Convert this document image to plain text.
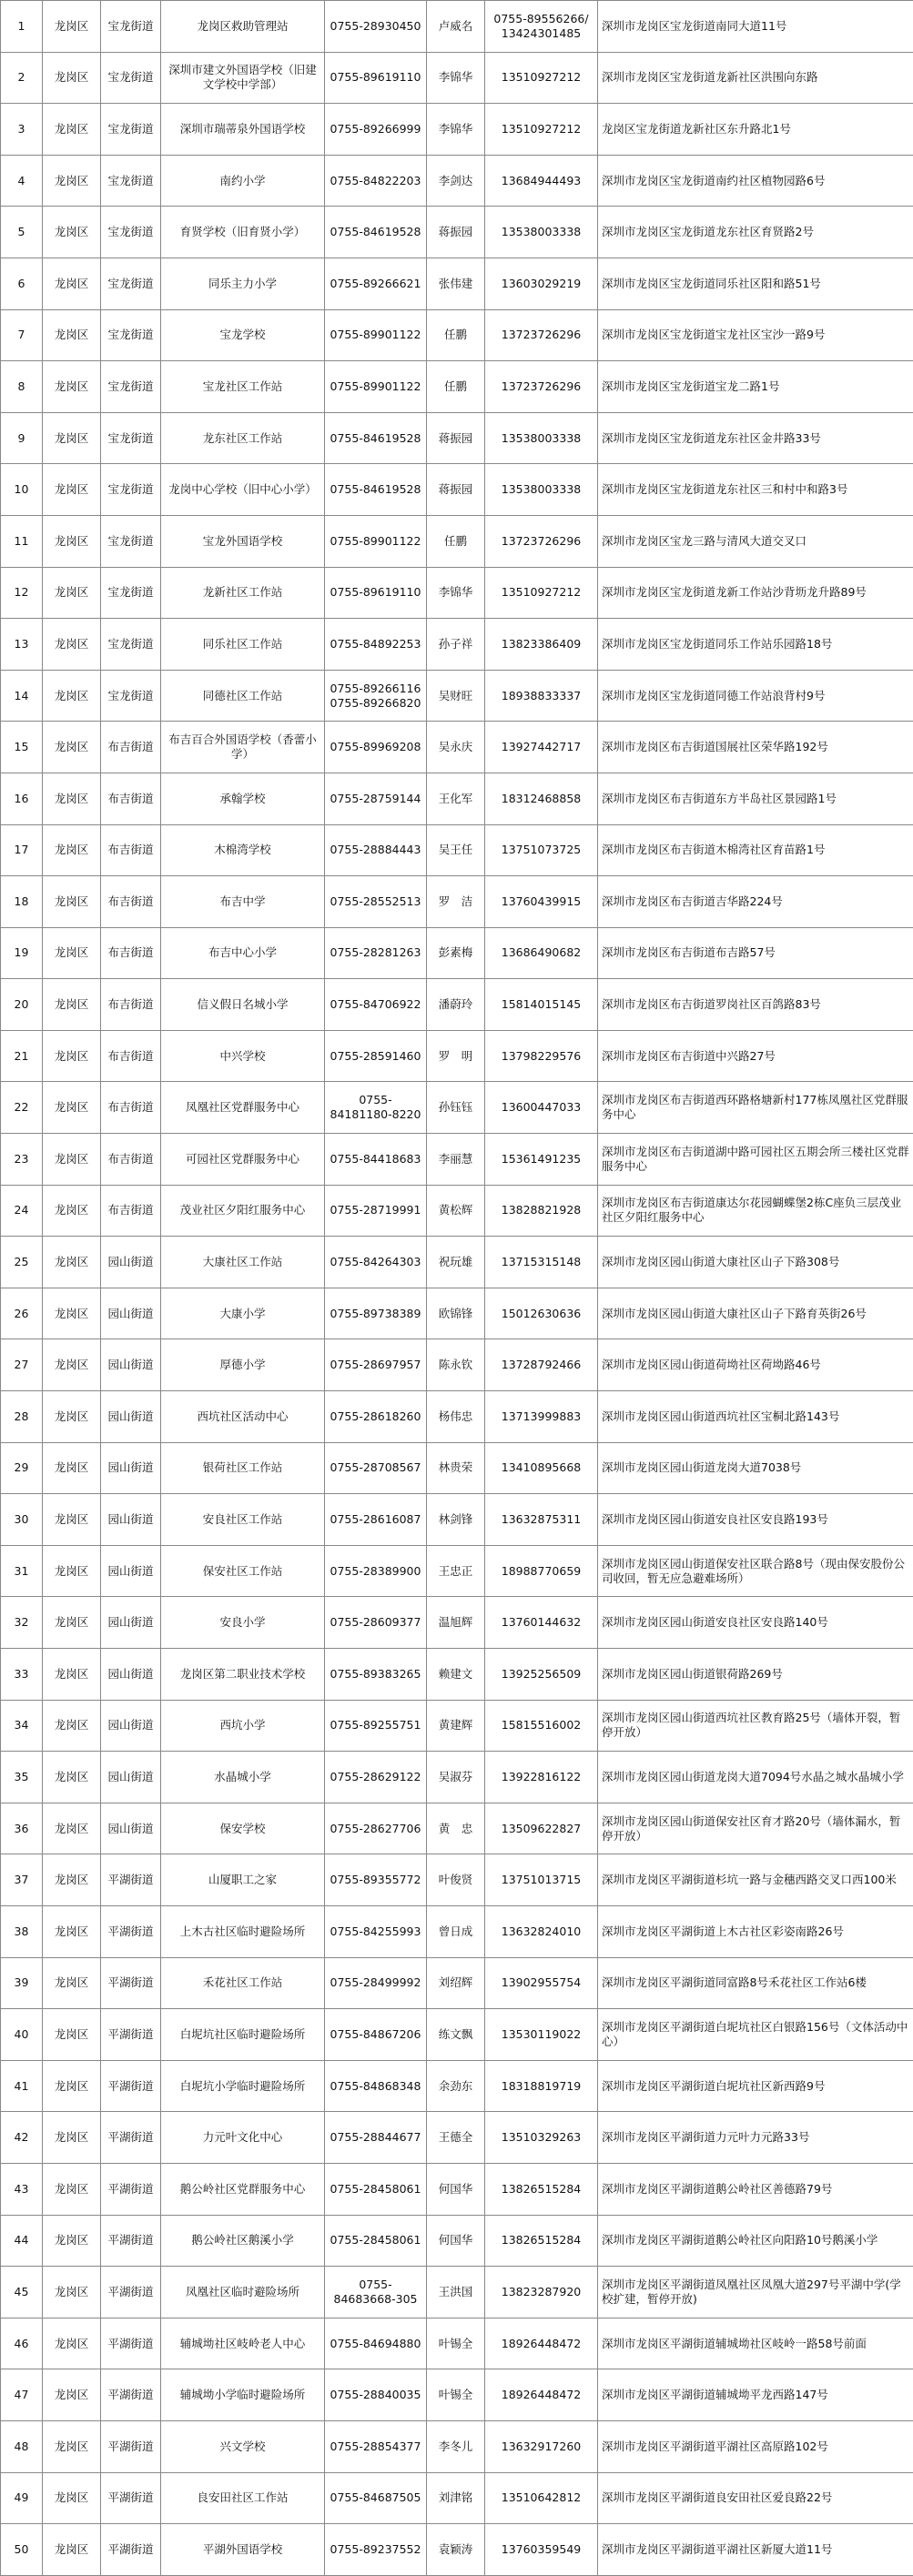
1	龙岗区	宝龙街道	龙岗区救助管理站	0755-28930450	卢威名	0755-89556266/ 13424301485	深圳市龙岗区宝龙街道南同大道11号
2	龙岗区	宝龙街道	深圳市建文外国语学校（旧建文学校中学部）	0755-89619110	李锦华	13510927212	深圳市龙岗区宝龙街道龙新社区洪围向东路
3	龙岗区	宝龙街道	深圳市瑞蒂泉外国语学校	0755-89266999	李锦华	13510927212	龙岗区宝龙街道龙新社区东升路北1号
4	龙岗区	宝龙街道	南约小学	0755-84822203	李剑达	13684944493	深圳市龙岗区宝龙街道南约社区植物园路6号
5	龙岗区	宝龙街道	育贤学校（旧育贤小学）	0755-84619528	蒋振园	13538003338	深圳市龙岗区宝龙街道龙东社区育贤路2号
6	龙岗区	宝龙街道	同乐主力小学	0755-89266621	张伟建	13603029219	深圳市龙岗区宝龙街道同乐社区阳和路51号
7	龙岗区	宝龙街道	宝龙学校	0755-89901122	任鹏	13723726296	深圳市龙岗区宝龙街道宝龙社区宝沙一路9号
8	龙岗区	宝龙街道	宝龙社区工作站	0755-89901122	任鹏	13723726296	深圳市龙岗区宝龙街道宝龙二路1号
9	龙岗区	宝龙街道	龙东社区工作站	0755-84619528	蒋振园	13538003338	深圳市龙岗区宝龙街道龙东社区金井路33号
10	龙岗区	宝龙街道	龙岗中心学校（旧中心小学）	0755-84619528	蒋振园	13538003338	深圳市龙岗区宝龙街道龙东社区三和村中和路3号
11	龙岗区	宝龙街道	宝龙外国语学校	0755-89901122	任鹏	13723726296	深圳市龙岗区宝龙三路与清风大道交叉口
12	龙岗区	宝龙街道	龙新社区工作站	0755-89619110	李锦华	13510927212	深圳市龙岗区宝龙街道龙新工作站沙背坜龙升路89号
13	龙岗区	宝龙街道	同乐社区工作站	0755-84892253	孙子祥	13823386409	深圳市龙岗区宝龙街道同乐工作站乐园路18号
14	龙岗区	宝龙街道	同德社区工作站	0755-89266116 0755-89266820	吴财旺	18938833337	深圳市龙岗区宝龙街道同德工作站浪背村9号
15	龙岗区	布吉街道	布吉百合外国语学校（香蕾小学）	0755-89969208	吴永庆	13927442717	深圳市龙岗区布吉街道国展社区荣华路192号
16	龙岗区	布吉街道	承翰学校	0755-28759144	王化军	18312468858	深圳市龙岗区布吉街道东方半岛社区景园路1号
17	龙岗区	布吉街道	木棉湾学校	0755-28884443	吴王任	13751073725	深圳市龙岗区布吉街道木棉湾社区育苗路1号
18	龙岗区	布吉街道	布吉中学	0755-28552513	罗　洁	13760439915	深圳市龙岗区布吉街道吉华路224号
19	龙岗区	布吉街道	布吉中心小学	0755-28281263	彭素梅	13686490682	深圳市龙岗区布吉街道布吉路57号
20	龙岗区	布吉街道	信义假日名城小学	0755-84706922	潘蔚玲	15814015145	深圳市龙岗区布吉街道罗岗社区百鸽路83号
21	龙岗区	布吉街道	中兴学校	0755-28591460	罗　明	13798229576	深圳市龙岗区布吉街道中兴路27号
22	龙岗区	布吉街道	凤凰社区党群服务中心	0755-84181180-8220	孙钰钰	13600447033	深圳市龙岗区布吉街道西环路格塘新村177栋凤凰社区党群服务中心
23	龙岗区	布吉街道	可园社区党群服务中心	0755-84418683	李丽慧	15361491235	深圳市龙岗区布吉街道湖中路可园社区五期会所三楼社区党群服务中心
24	龙岗区	布吉街道	茂业社区夕阳红服务中心	0755-28719991	黄松辉	13828821928	深圳市龙岗区布吉街道康达尔花园蝴蝶堡2栋C座负三层茂业社区夕阳红服务中心
25	龙岗区	园山街道	大康社区工作站	0755-84264303	祝玩雄	13715315148	深圳市龙岗区园山街道大康社区山子下路308号
26	龙岗区	园山街道	大康小学	0755-89738389	欧锦锋	15012630636	深圳市龙岗区园山街道大康社区山子下路育英街26号
27	龙岗区	园山街道	厚德小学	0755-28697957	陈永钦	13728792466	深圳市龙岗区园山街道荷坳社区荷坳路46号
28	龙岗区	园山街道	西坑社区活动中心	0755-28618260	杨伟忠	13713999883	深圳市龙岗区园山街道西坑社区宝桐北路143号
29	龙岗区	园山街道	银荷社区工作站	0755-28708567	林贵荣	13410895668	深圳市龙岗区园山街道龙岗大道7038号
30	龙岗区	园山街道	安良社区工作站	0755-28616087	林剑锋	13632875311	深圳市龙岗区园山街道安良社区安良路193号
31	龙岗区	园山街道	保安社区工作站	0755-28389900	王忠正	18988770659	深圳市龙岗区园山街道保安社区联合路8号（现由保安股份公司收回，暂无应急避难场所）
32	龙岗区	园山街道	安良小学	0755-28609377	温旭辉	13760144632	深圳市龙岗区园山街道安良社区安良路140号
33	龙岗区	园山街道	龙岗区第二职业技术学校	0755-89383265	赖建文	13925256509	深圳市龙岗区园山街道银荷路269号
34	龙岗区	园山街道	西坑小学	0755-89255751	黄建辉	15815516002	深圳市龙岗区园山街道西坑社区教育路25号（墙体开裂，暂停开放）
35	龙岗区	园山街道	水晶城小学	0755-28629122	吴淑芬	13922816122	深圳市龙岗区园山街道龙岗大道7094号水晶之城水晶城小学
36	龙岗区	园山街道	保安学校	0755-28627706	黄　忠	13509622827	深圳市龙岗区园山街道保安社区育才路20号（墙体漏水，暂停开放）
37	龙岗区	平湖街道	山厦职工之家	0755-89355772	叶俊贤	13751013715	深圳市龙岗区平湖街道杉坑一路与金穗西路交叉口西100米
38	龙岗区	平湖街道	上木古社区临时避险场所	0755-84255993	曾日成	13632824010	深圳市龙岗区平湖街道上木古社区彩姿南路26号
39	龙岗区	平湖街道	禾花社区工作站	0755-28499992	刘绍辉	13902955754	深圳市龙岗区平湖街道同富路8号禾花社区工作站6楼
40	龙岗区	平湖街道	白坭坑社区临时避险场所	0755-84867206	练文飘	13530119022	深圳市龙岗区平湖街道白坭坑社区白银路156号（文体活动中心）
41	龙岗区	平湖街道	白坭坑小学临时避险场所	0755-84868348	余劲东	18318819719	深圳市龙岗区平湖街道白坭坑社区新西路9号
42	龙岗区	平湖街道	力元叶文化中心	0755-28844677	王德全	13510329263	深圳市龙岗区平湖街道力元叶力元路33号
43	龙岗区	平湖街道	鹅公岭社区党群服务中心	0755-28458061	何国华	13826515284	深圳市龙岗区平湖街道鹅公岭社区善德路79号
44	龙岗区	平湖街道	鹅公岭社区鹅溪小学	0755-28458061	何国华	13826515284	深圳市龙岗区平湖街道鹅公岭社区向阳路10号鹅溪小学
45	龙岗区	平湖街道	凤凰社区临时避险场所	0755-84683668-305	王洪国	13823287920	深圳市龙岗区平湖街道凤凰社区凤凰大道297号平湖中学(学校扩建，暂停开放)
46	龙岗区	平湖街道	辅城坳社区岐岭老人中心	0755-84694880	叶锡全	18926448472	深圳市龙岗区平湖街道辅城坳社区岐岭一路58号前面
47	龙岗区	平湖街道	辅城坳小学临时避险场所	0755-28840035	叶锡全	18926448472	深圳市龙岗区平湖街道辅城坳平龙西路147号
48	龙岗区	平湖街道	兴文学校	0755-28854377	李冬儿	13632917260	深圳市龙岗区平湖街道平湖社区高原路102号
49	龙岗区	平湖街道	良安田社区工作站	0755-84687505	刘津铭	13510642812	深圳市龙岗区平湖街道良安田社区爱良路22号
50	龙岗区	平湖街道	平湖外国语学校	0755-89237552	袁颖涛	13760359549	深圳市龙岗区平湖街道平湖社区新厦大道11号
